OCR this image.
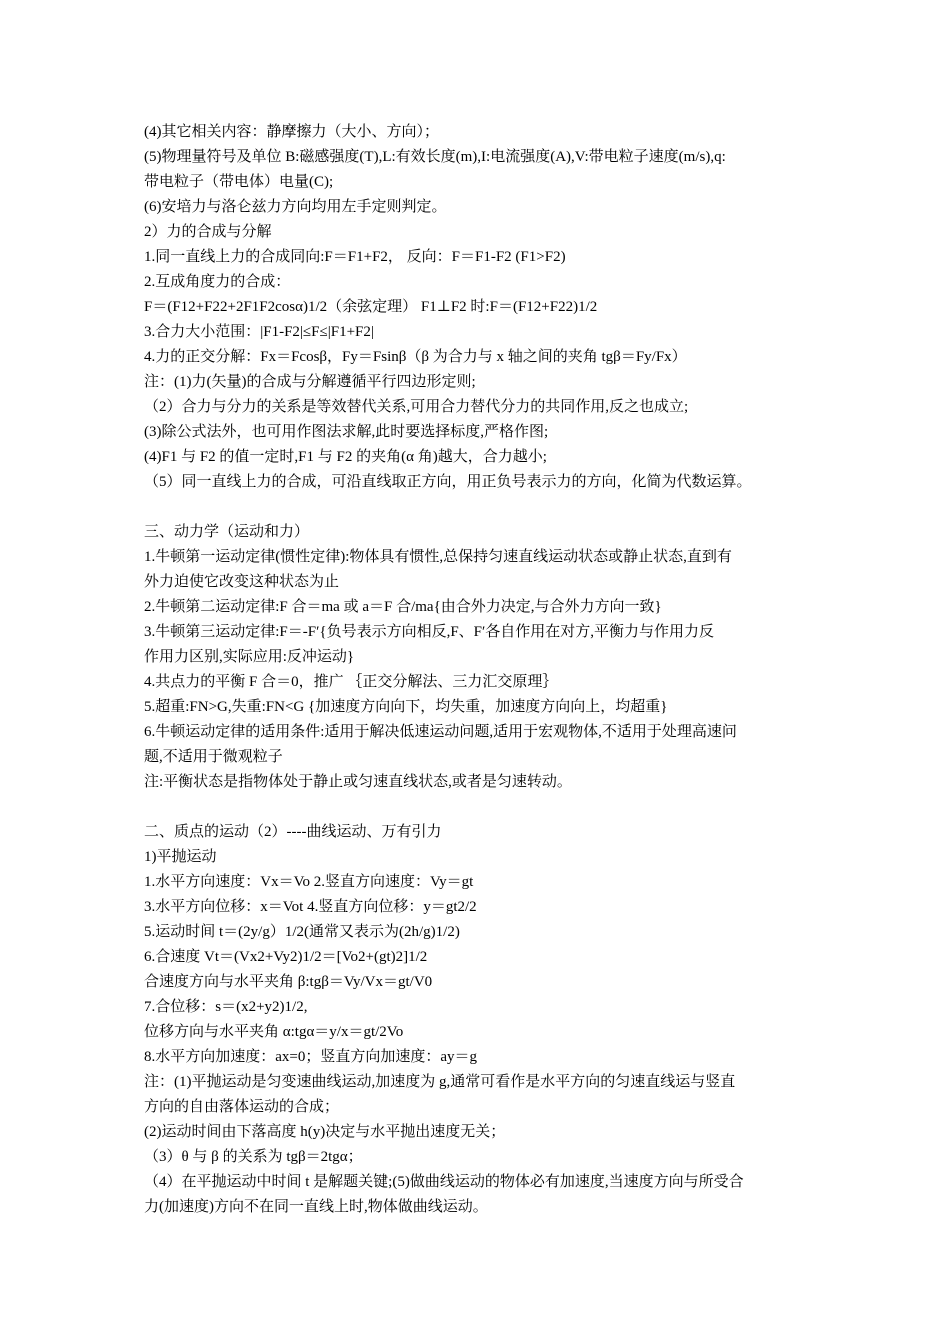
(4)其它相关内容：静摩擦力（大小、方向）；
(5)物理量符号及单位 B:磁感强度(T),L:有效长度(m),I:电流强度(A),V:带电粒子速度(m/s),q:
带电粒子（带电体）电量(C);
(6)安培力与洛仑兹力方向均用左手定则判定。
2）力的合成与分解
1.同一直线上力的合成同向:F＝F1+F2， 反向：F＝F1-F2 (F1>F2)
2.互成角度力的合成：
F＝(F12+F22+2F1F2cosα)1/2（余弦定理） F1⊥F2 时:F＝(F12+F22)1/2
3.合力大小范围：|F1-F2|≤F≤|F1+F2|
4.力的正交分解：Fx＝Fcosβ，Fy＝Fsinβ（β 为合力与 x 轴之间的夹角 tgβ＝Fy/Fx）
注：(1)力(矢量)的合成与分解遵循平行四边形定则;
（2）合力与分力的关系是等效替代关系,可用合力替代分力的共同作用,反之也成立;
(3)除公式法外，也可用作图法求解,此时要选择标度,严格作图;
(4)F1 与 F2 的值一定时,F1 与 F2 的夹角(α 角)越大，合力越小;
（5）同一直线上力的合成，可沿直线取正方向，用正负号表示力的方向，化简为代数运算。
三、动力学（运动和力）
1.牛顿第一运动定律(惯性定律):物体具有惯性,总保持匀速直线运动状态或静止状态,直到有
外力迫使它改变这种状态为止
2.牛顿第二运动定律:F 合＝ma 或 a＝F 合/ma{由合外力决定,与合外力方向一致}
3.牛顿第三运动定律:F＝-F′{负号表示方向相反,F、F′各自作用在对方,平衡力与作用力反
作用力区别,实际应用:反冲运动}
4.共点力的平衡 F 合＝0，推广 ｛正交分解法、三力汇交原理｝
5.超重:FN>G,失重:FN<G {加速度方向向下，均失重，加速度方向向上，均超重}
6.牛顿运动定律的适用条件:适用于解决低速运动问题,适用于宏观物体,不适用于处理高速问
题,不适用于微观粒子
注:平衡状态是指物体处于静止或匀速直线状态,或者是匀速转动。
二、质点的运动（2）----曲线运动、万有引力
1)平抛运动
1.水平方向速度：Vx＝Vo 2.竖直方向速度：Vy＝gt
3.水平方向位移：x＝Vot 4.竖直方向位移：y＝gt2/2
5.运动时间 t＝(2y/g）1/2(通常又表示为(2h/g)1/2)
6.合速度 Vt＝(Vx2+Vy2)1/2＝[Vo2+(gt)2]1/2
合速度方向与水平夹角 β:tgβ＝Vy/Vx＝gt/V0
7.合位移：s＝(x2+y2)1/2,
位移方向与水平夹角 α:tgα＝y/x＝gt/2Vo
8.水平方向加速度：ax=0；竖直方向加速度：ay＝g
注：(1)平抛运动是匀变速曲线运动,加速度为 g,通常可看作是水平方向的匀速直线运与竖直
方向的自由落体运动的合成；
(2)运动时间由下落高度 h(y)决定与水平抛出速度无关；
（3）θ 与 β 的关系为 tgβ＝2tgα；
（4）在平抛运动中时间 t 是解题关键;(5)做曲线运动的物体必有加速度,当速度方向与所受合
力(加速度)方向不在同一直线上时,物体做曲线运动。
